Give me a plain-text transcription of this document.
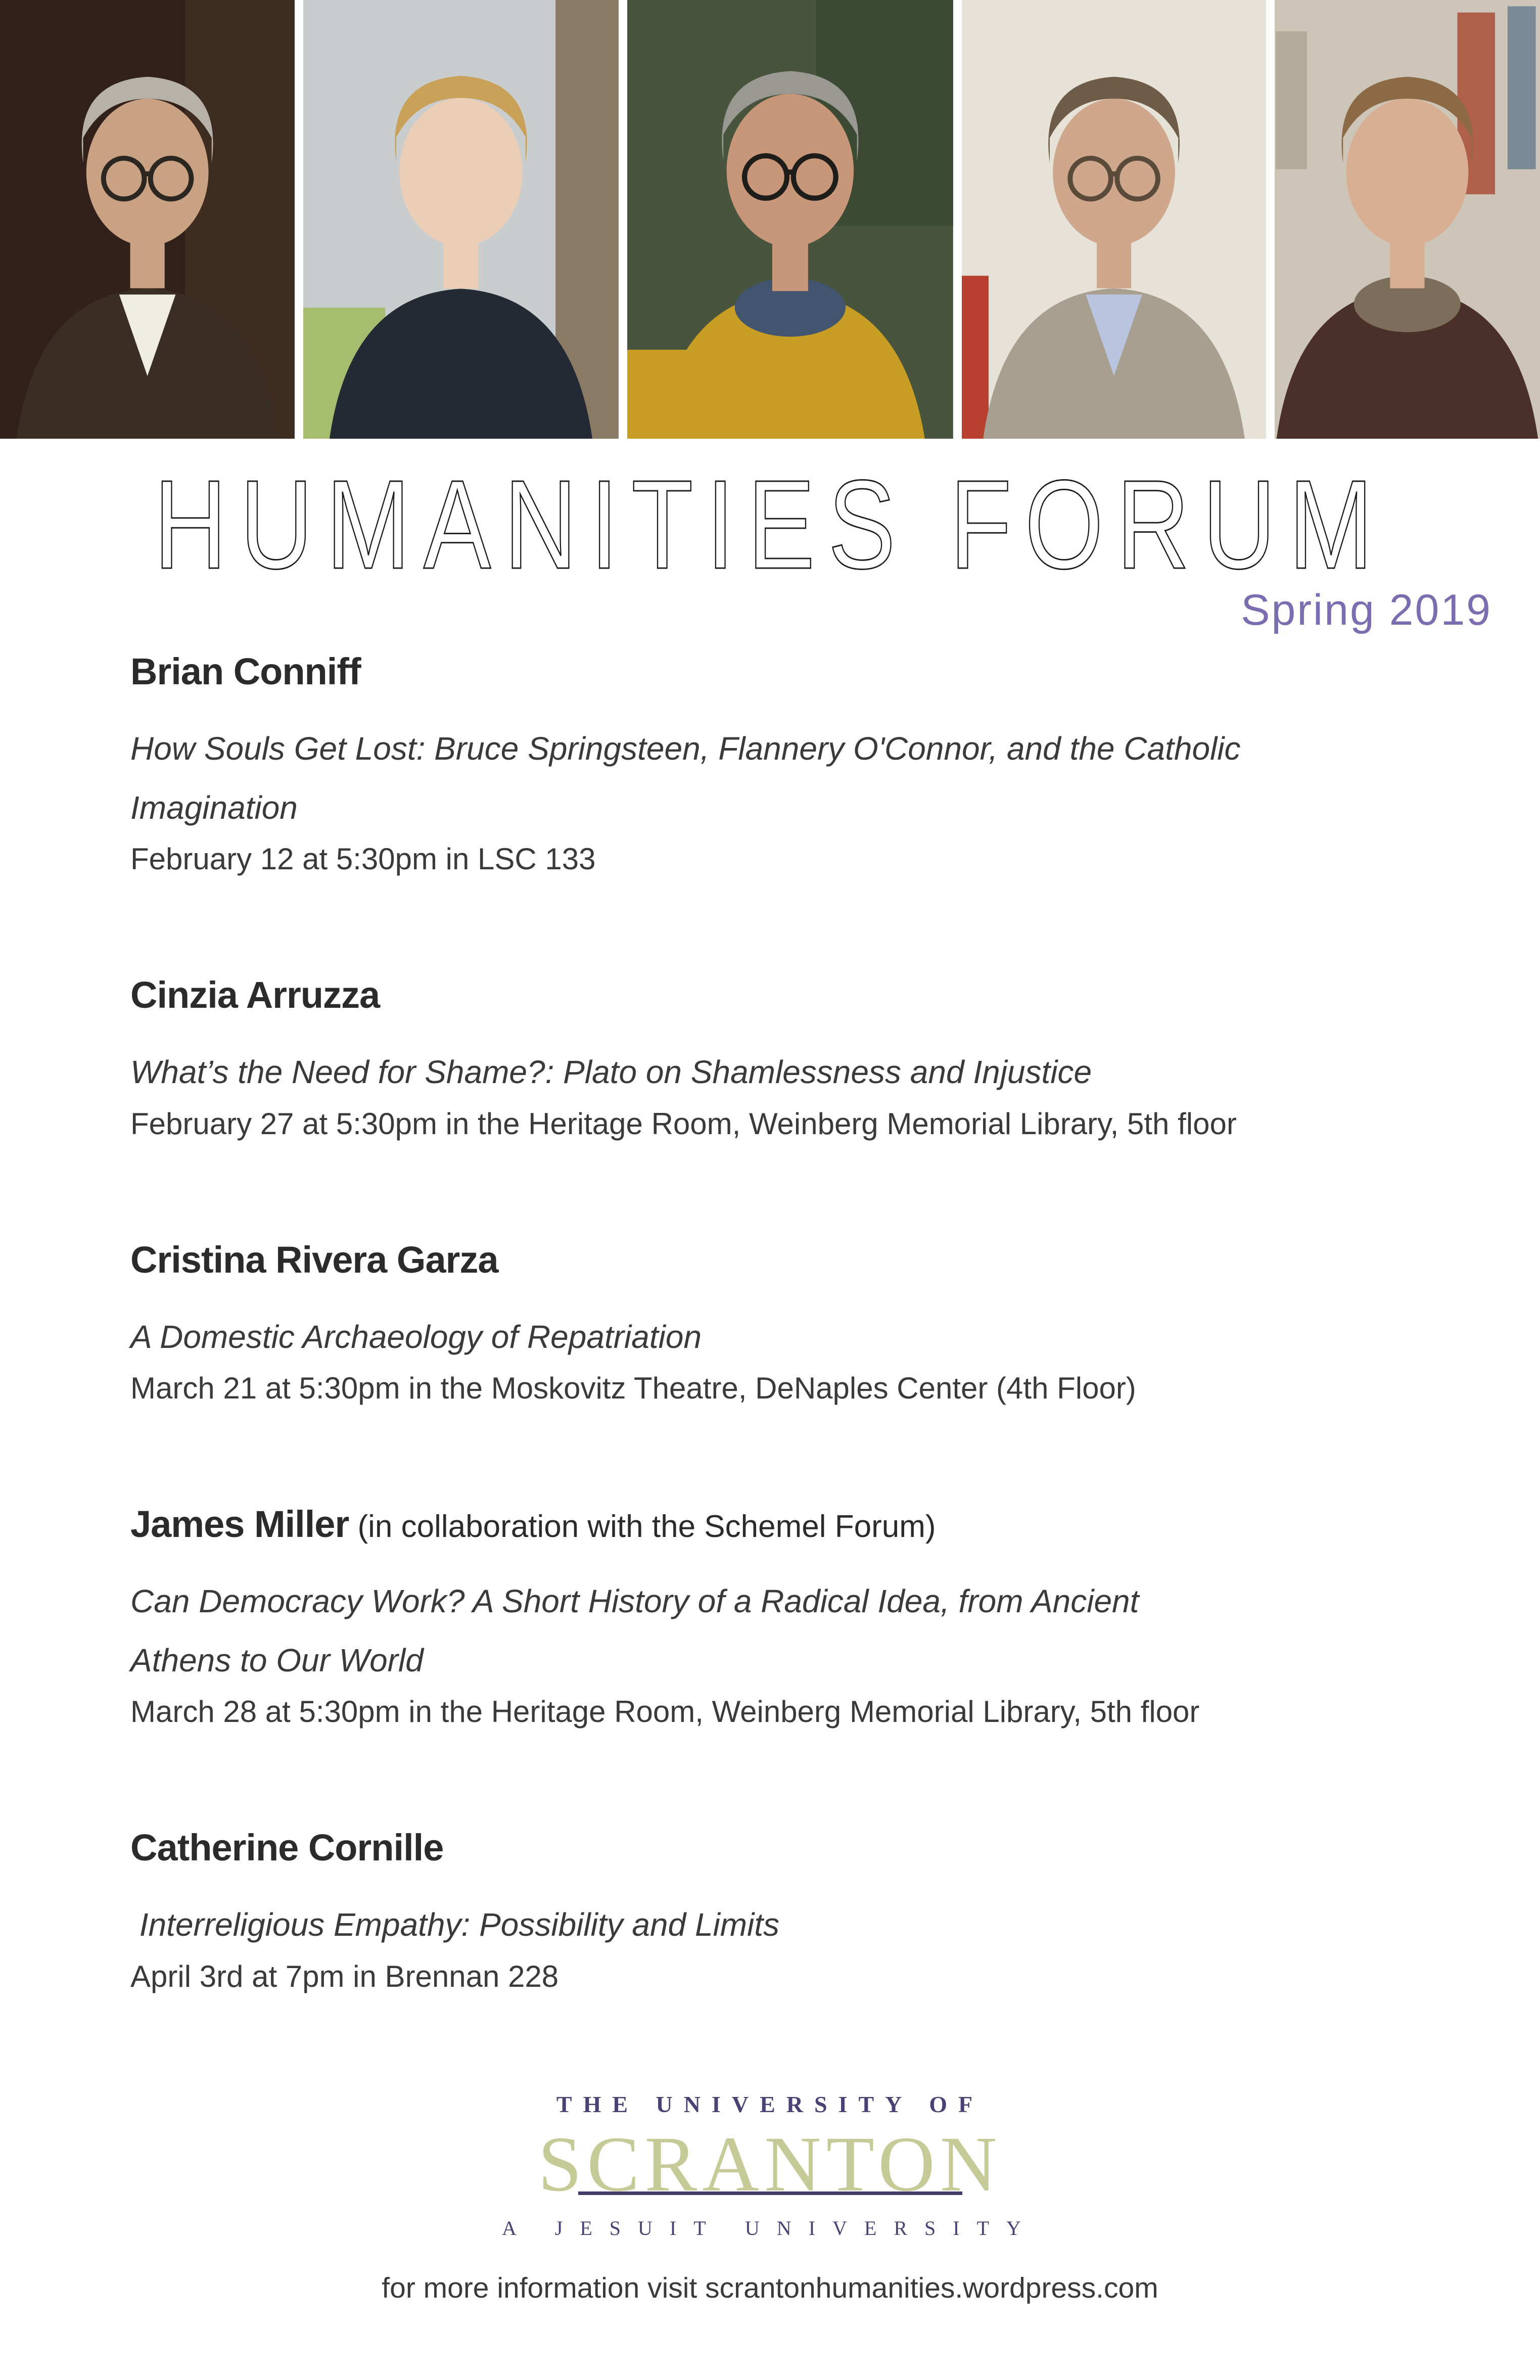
HUMANITIES FORUM
Spring 2019
Brian Conniff

How Souls Get Lost: Bruce Springsteen, Flannery O'Connor, and the Catholic
Imagination

February 12 at 5:30pm in LSC 133

Cinzia Arruzza

What’s the Need for Shame?: Plato on Shamlessness and Injustice

February 27 at 5:30pm in the Heritage Room, Weinberg Memorial Library, 5th floor

Cristina Rivera Garza

A Domestic Archaeology of Repatriation

March 21 at 5:30pm in the Moskovitz Theatre, DeNaples Center (4th Floor)

James Miller (in collaboration with the Schemel Forum)

Can Democracy Work? A Short History of a Radical Idea, from Ancient
Athens to Our World

March 28 at 5:30pm in the Heritage Room, Weinberg Memorial Library, 5th floor

Catherine Cornille

Interreligious Empathy: Possibility and Limits

April 3rd at 7pm in Brennan 228

THE UNIVERSITY OF
SCRANTON
A JESUIT UNIVERSITY
for more information visit scrantonhumanities.wordpress.com
